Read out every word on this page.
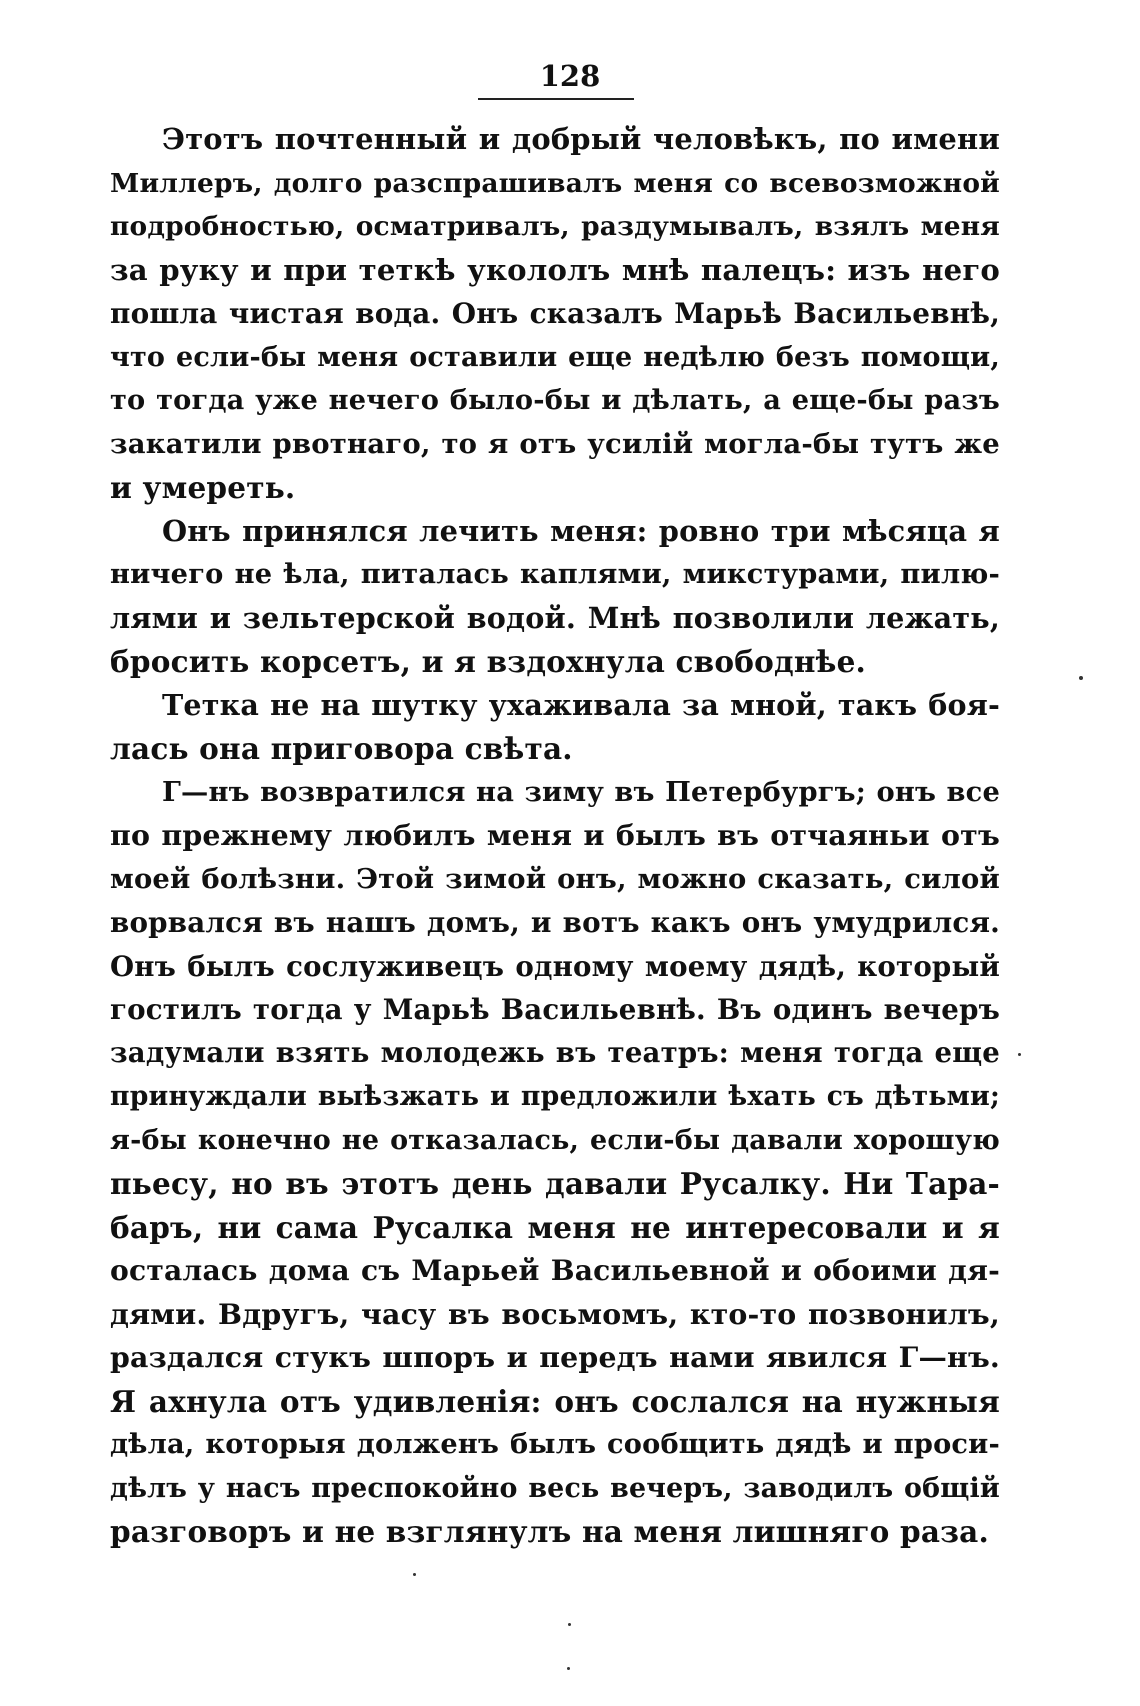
128
Этотъ почтенный и добрый человѣкъ, по имени
Миллеръ, долго разспрашивалъ меня со всевозможной
подробностью, осматривалъ, раздумывалъ, взялъ меня
за руку и при теткѣ укололъ мнѣ палецъ: изъ него
пошла чистая вода. Онъ сказалъ Марьѣ Васильевнѣ,
что если-бы меня оставили еще недѣлю безъ помощи,
то тогда уже нечего было-бы и дѣлать, а еще-бы разъ
закатили рвотнаго, то я отъ усилій могла-бы тутъ же
и умереть.
Онъ принялся лечить меня: ровно три мѣсяца я
ничего не ѣла, питалась каплями, микстурами, пилю-
лями и зельтерской водой. Мнѣ позволили лежать,
бросить корсетъ, и я вздохнула свободнѣе.
Тетка не на шутку ухаживала за мной, такъ боя-
лась она приговора свѣта.
Г—нъ возвратился на зиму въ Петербургъ; онъ все
по прежнему любилъ меня и былъ въ отчаяньи отъ
моей болѣзни. Этой зимой онъ, можно сказать, силой
ворвался въ нашъ домъ, и вотъ какъ онъ умудрился.
Онъ былъ сослуживецъ одному моему дядѣ, который
гостилъ тогда у Марьѣ Васильевнѣ. Въ одинъ вечеръ
задумали взять молодежь въ театръ: меня тогда еще
принуждали выѣзжать и предложили ѣхать съ дѣтьми;
я-бы конечно не отказалась, если-бы давали хорошую
пьесу, но въ этотъ день давали Русалку. Ни Тара-
баръ, ни сама Русалка меня не интересовали и я
осталась дома съ Марьей Васильевной и обоими дя-
дями. Вдругъ, часу въ восьмомъ, кто-то позвонилъ,
раздался стукъ шпоръ и передъ нами явился Г—нъ.
Я ахнула отъ удивленія: онъ сослался на нужныя
дѣла, которыя долженъ былъ сообщить дядѣ и проси-
дѣлъ у насъ преспокойно весь вечеръ, заводилъ общій
разговоръ и не взглянулъ на меня лишняго раза.
